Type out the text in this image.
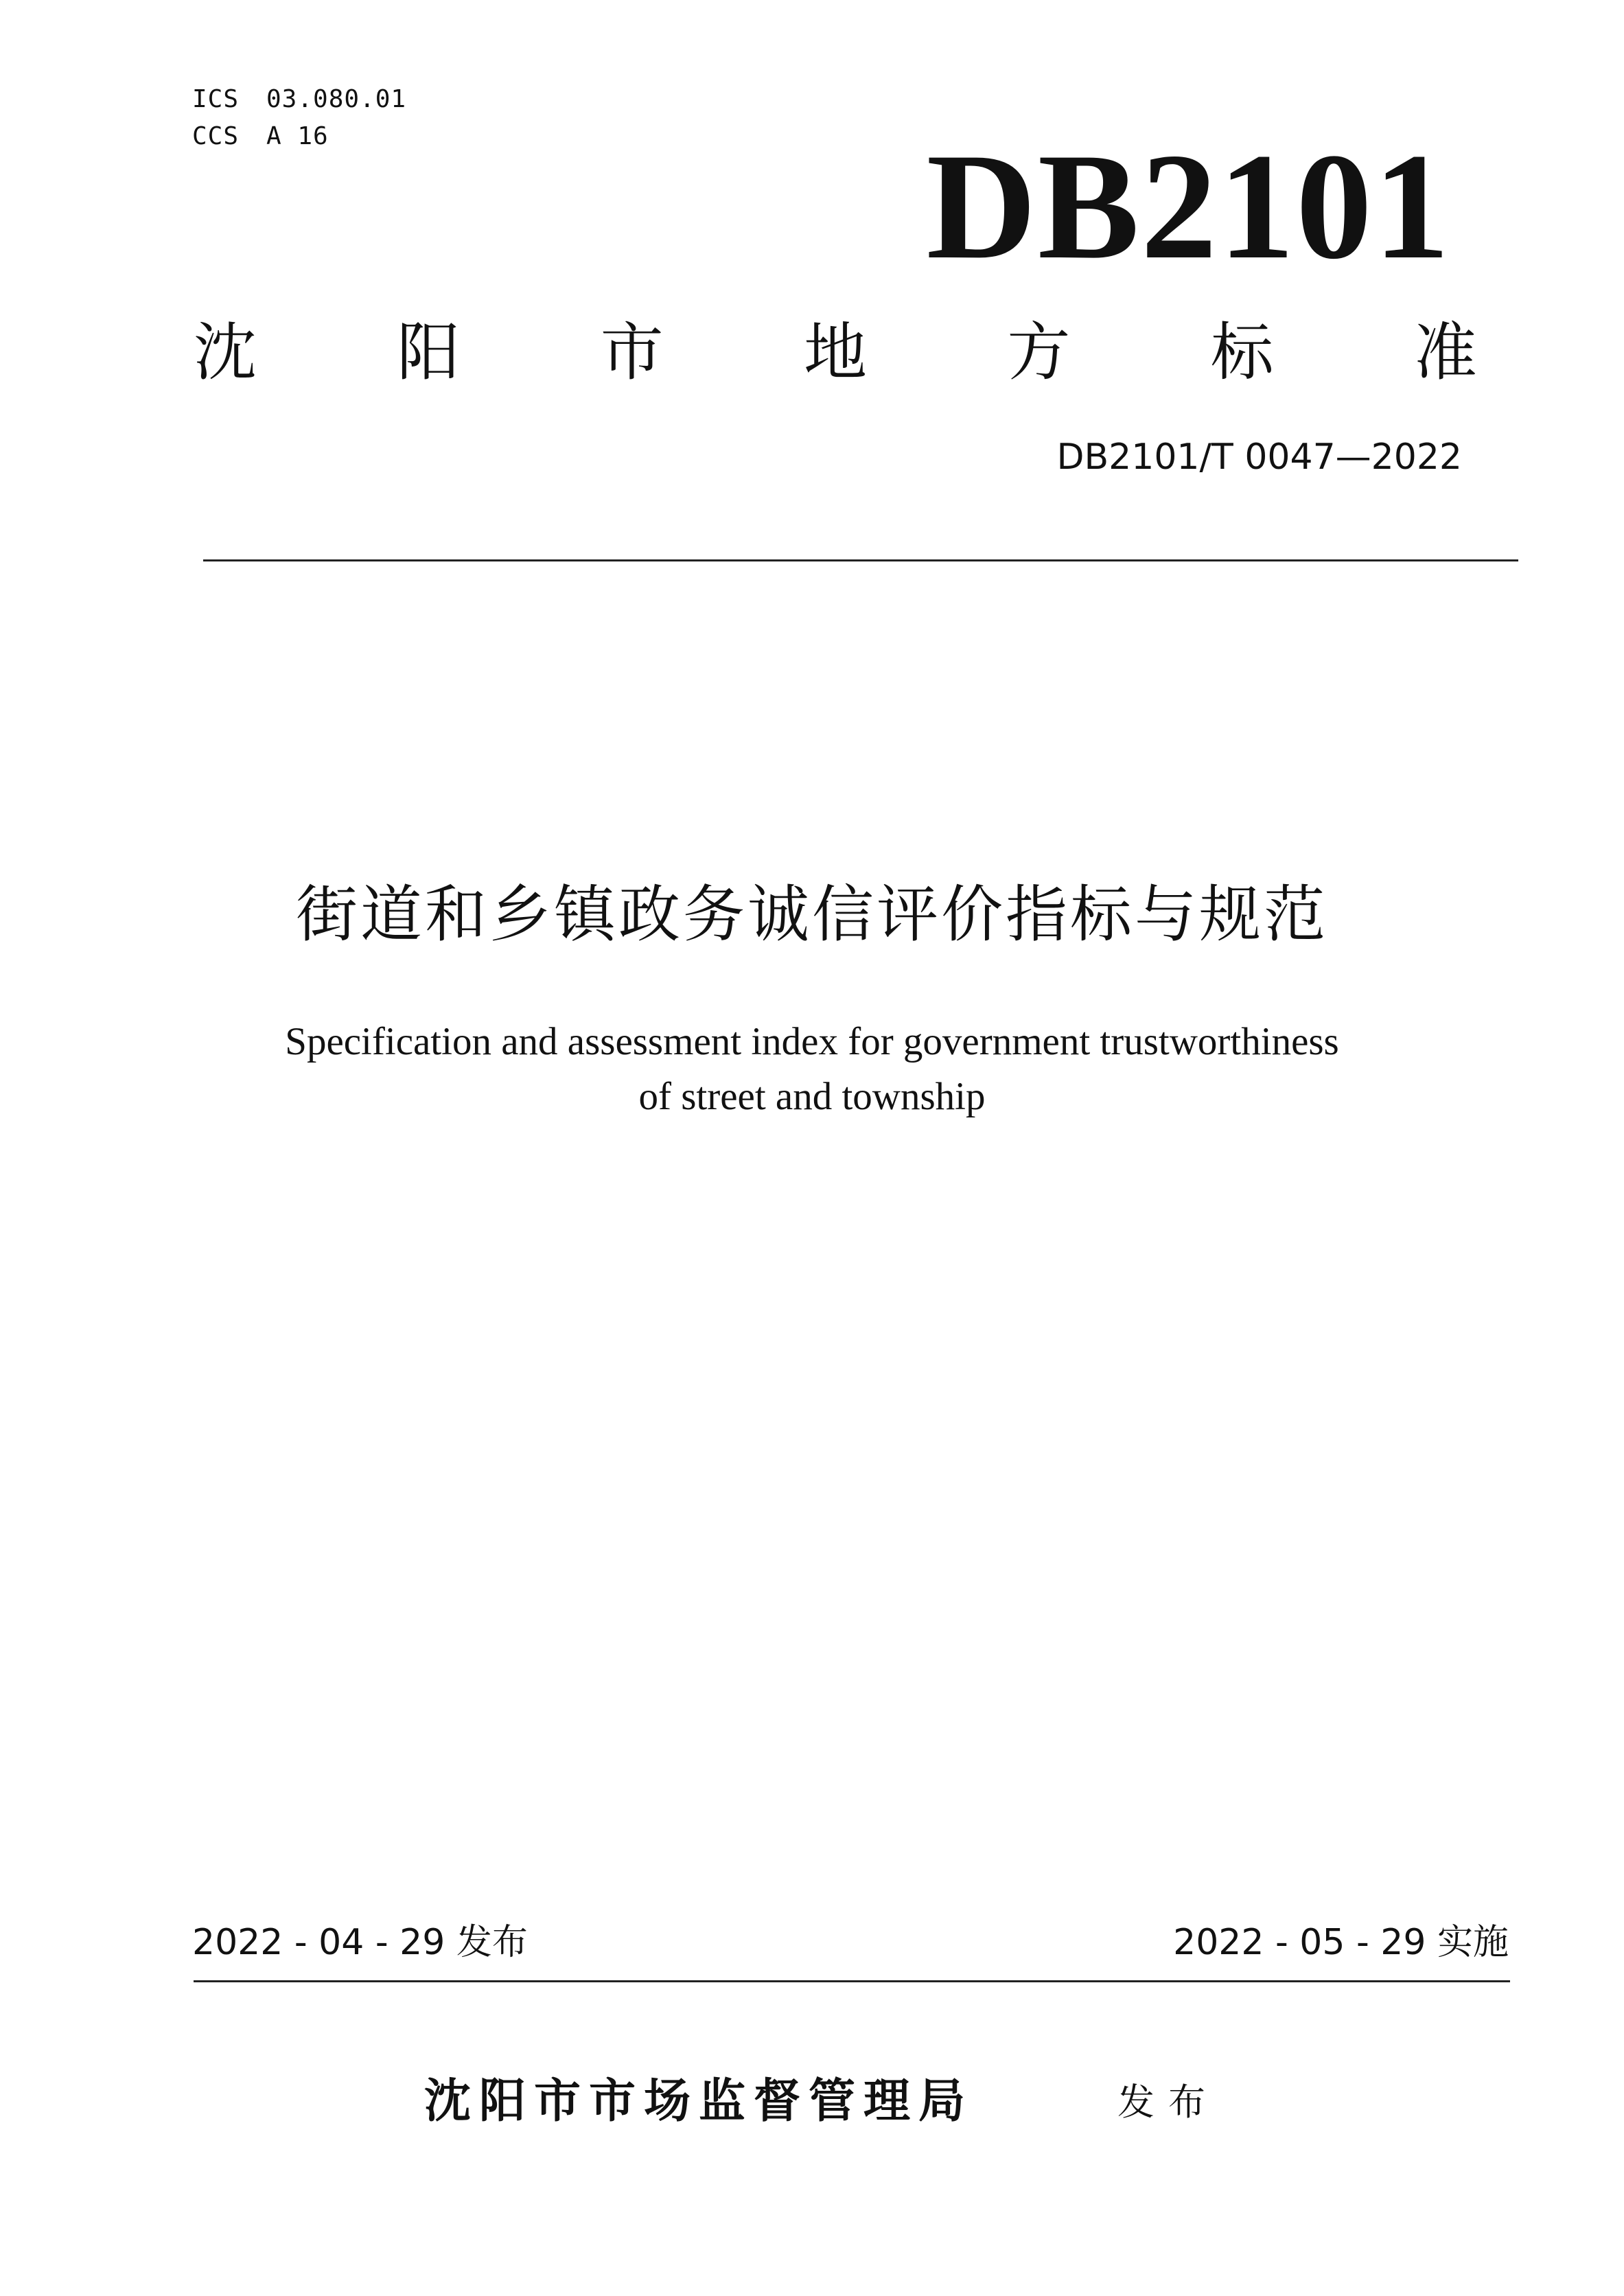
ICS 03.080.01
CCS A 16	DB2101
沈 阳 市 地 方 标 准
DB2101/T 0047—2022
街道和乡镇政务诚信评价指标与规范
Specification and assessment index for government trustworthiness
of street and township
2022 - 04 - 29 发布	2022 - 05 - 29 实施
沈阳市市场监督管理局	发布
